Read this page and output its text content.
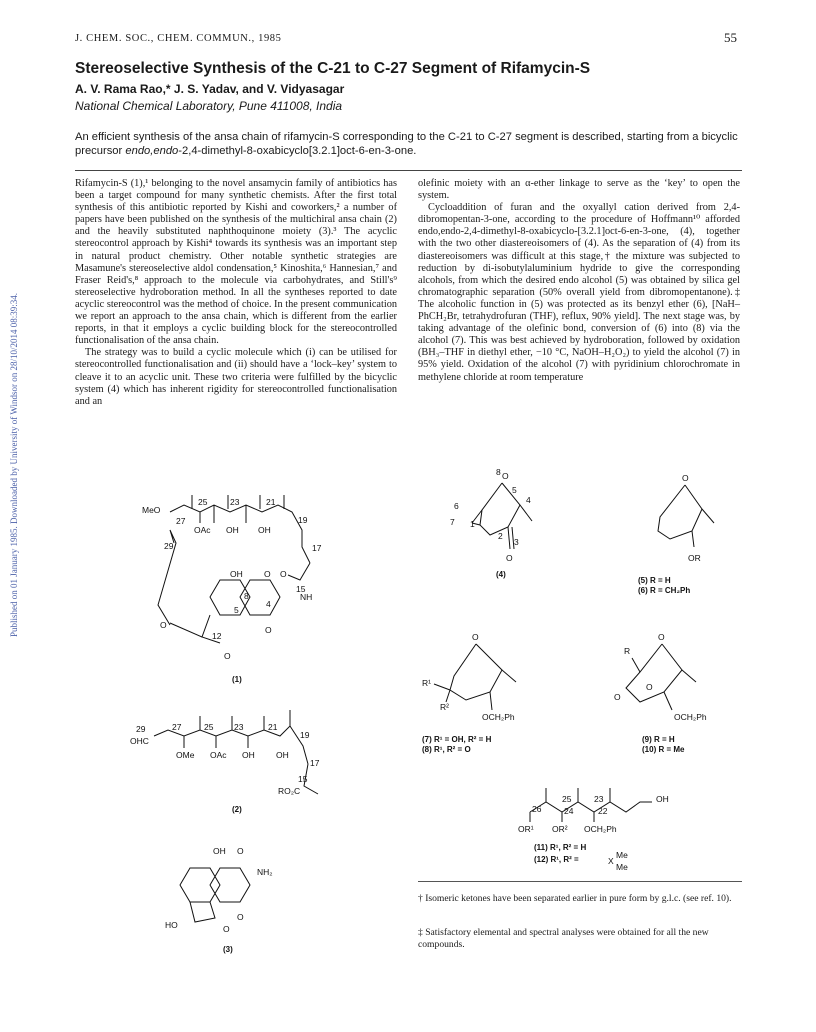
Published on 01 January 1985. Downloaded by University of Windsor on 28/10/2014 08:39:34.
J. CHEM. SOC., CHEM. COMMUN., 1985	55
Stereoselective Synthesis of the C-21 to C-27 Segment of Rifamycin-S
A. V. Rama Rao,* J. S. Yadav, and V. Vidyasagar
National Chemical Laboratory, Pune 411008, India
An efficient synthesis of the ansa chain of rifamycin-S corresponding to the C-21 to C-27 segment is described, starting from a bicyclic precursor endo,endo-2,4-dimethyl-8-oxabicyclo[3.2.1]oct-6-en-3-one.

Rifamycin-S (1),¹ belonging to the novel ansamycin family of antibiotics has been a target compound for many synthetic chemists. After the first total synthesis of this antibiotic reported by Kishi and coworkers,² a number of papers have been published on the synthesis of the multichiral ansa chain (2) and the heavily substituted naphthoquinone moiety (3).³ The acyclic stereocontrol approach by Kishi⁴ towards its synthesis was an important step in natural product chemistry. Other notable synthetic strategies are Masamune's stereoselective aldol condensation,⁵ Kinoshita,⁶ Hannesian,⁷ and Fraser Reid's,⁸ approach to the molecule via carbohydrates, and Still's⁹ stereoselective hydroboration method. In all the syntheses reported to date acyclic stereocontrol was the method of choice. In the present communication we report an approach to the ansa chain, which is different from the earlier reports, in that it employs a cyclic building block for the stereocontrolled functionalisation of the ansa chain.

The strategy was to build a cyclic molecule which (i) can be utilised for stereocontrolled functionalisation and (ii) should have a ‘lock–key’ system to cleave it to an acyclic unit. These two criteria were fulfilled by the bicyclic system (4) which has inherent rigidity for stereocontrolled functionalisation and an

olefinic moiety with an α-ether linkage to serve as the ‘key’ to open the system.

Cycloaddition of furan and the oxyallyl cation derived from 2,4-dibromopentan-3-one, according to the procedure of Hoffmann¹⁰ afforded endo,endo-2,4-dimethyl-8-oxabicyclo-[3.2.1]oct-6-en-3-one, (4), together with the two other diastereoisomers of (4). As the separation of (4) from its diastereoisomers was difficult at this stage,† the mixture was subjected to reduction by di-isobutylaluminium hydride to give the corresponding alcohols, from which the desired endo alcohol (5) was obtained by silica gel chromatographic separation (50% overall yield from dibromopentanone).‡ The alcoholic function in (5) was protected as its benzyl ether (6), [NaH–PhCH₂Br, tetrahydrofuran (THF), reflux, 90% yield]. The next stage was, by taking advantage of the olefinic bond, conversion of (6) into (8) via the alcohol (7). This was best achieved by hydroboration, followed by oxidation (BH₃–THF in diethyl ether, −10 °C, NaOH–H₂O₂) to yield the alcohol (7) in 95% yield. Oxidation of the alcohol (7) with pyridinium chlorochromate in methylene chloride at room temperature

MeO
OAc OH OH
27
25	23	21
19
17
29
O
15
NH
OH	O
O
8
5
4
12
O
O
(1)
OHC
29	27	25 23	21
19
17
15
OMe OAc OH	OH
RO₂C
(2)
OH O
O
O
NH₂
HO
(3)
8 O
5
6
4
7 1
2
3
O
(4)
O
OR
(5) R = H
(6) R = CH₂Ph
O
R¹
R²
OCH₂Ph
(7) R¹ = OH, R² = H
(8) R¹, R² = O
O
R
O
O
OCH₂Ph
(9) R = H
(10) R = Me
25	23
26	24	22
OH
OR¹ OR² OCH₂Ph
(11) R¹, R² = H
(12) R¹, R² =	X
Me
Me
† Isomeric ketones have been separated earlier in pure form by g.l.c. (see ref. 10).
‡ Satisfactory elemental and spectral analyses were obtained for all the new compounds.
